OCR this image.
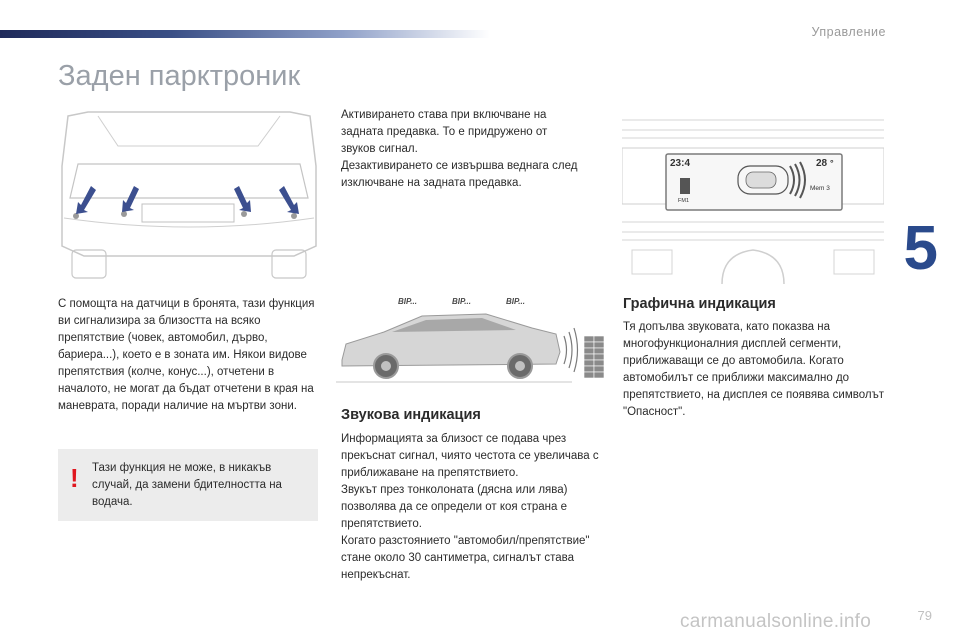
Управление
5
Заден парктроник

Активирането става при включване на задната предавка. То е придружено от звуков сигнал.

Дезактивирането се извършва веднага след изключване на задната предавка.

23:4	28 °
Mem 3
FM1
С помощта на датчици в бронята, тази функция ви сигнализира за близостта на всяко препятствие (човек, автомобил, дърво, бариера...), което е в зоната им. Някои видове препятствия (колче, конус...), отчетени в началото, не могат да бъдат отчетени в края на маневрата, поради наличие на мъртви зони.
BIP...	BIP...	BIP...
Звукова индикация

Информацията за близост се подава чрез прекъснат сигнал, чиято честота се увеличава с приближаване на препятствието.

Звукът през тонколоната (дясна или лява) позволява да се определи от коя страна е препятствието.

Когато разстоянието "автомобил/препятствие" стане около 30 сантиметра, сигналът става непрекъснат.

Графична индикация
Тя допълва звуковата, като показва на многофункционалния дисплей сегменти, приближаващи се до автомобила. Когато автомобилът се приближи максимално до препятствието, на дисплея се появява символът "Опасност".
! Тази функция не може, в никакъв случай, да замени бдителността на водача.
carmanualsonline.info	79
